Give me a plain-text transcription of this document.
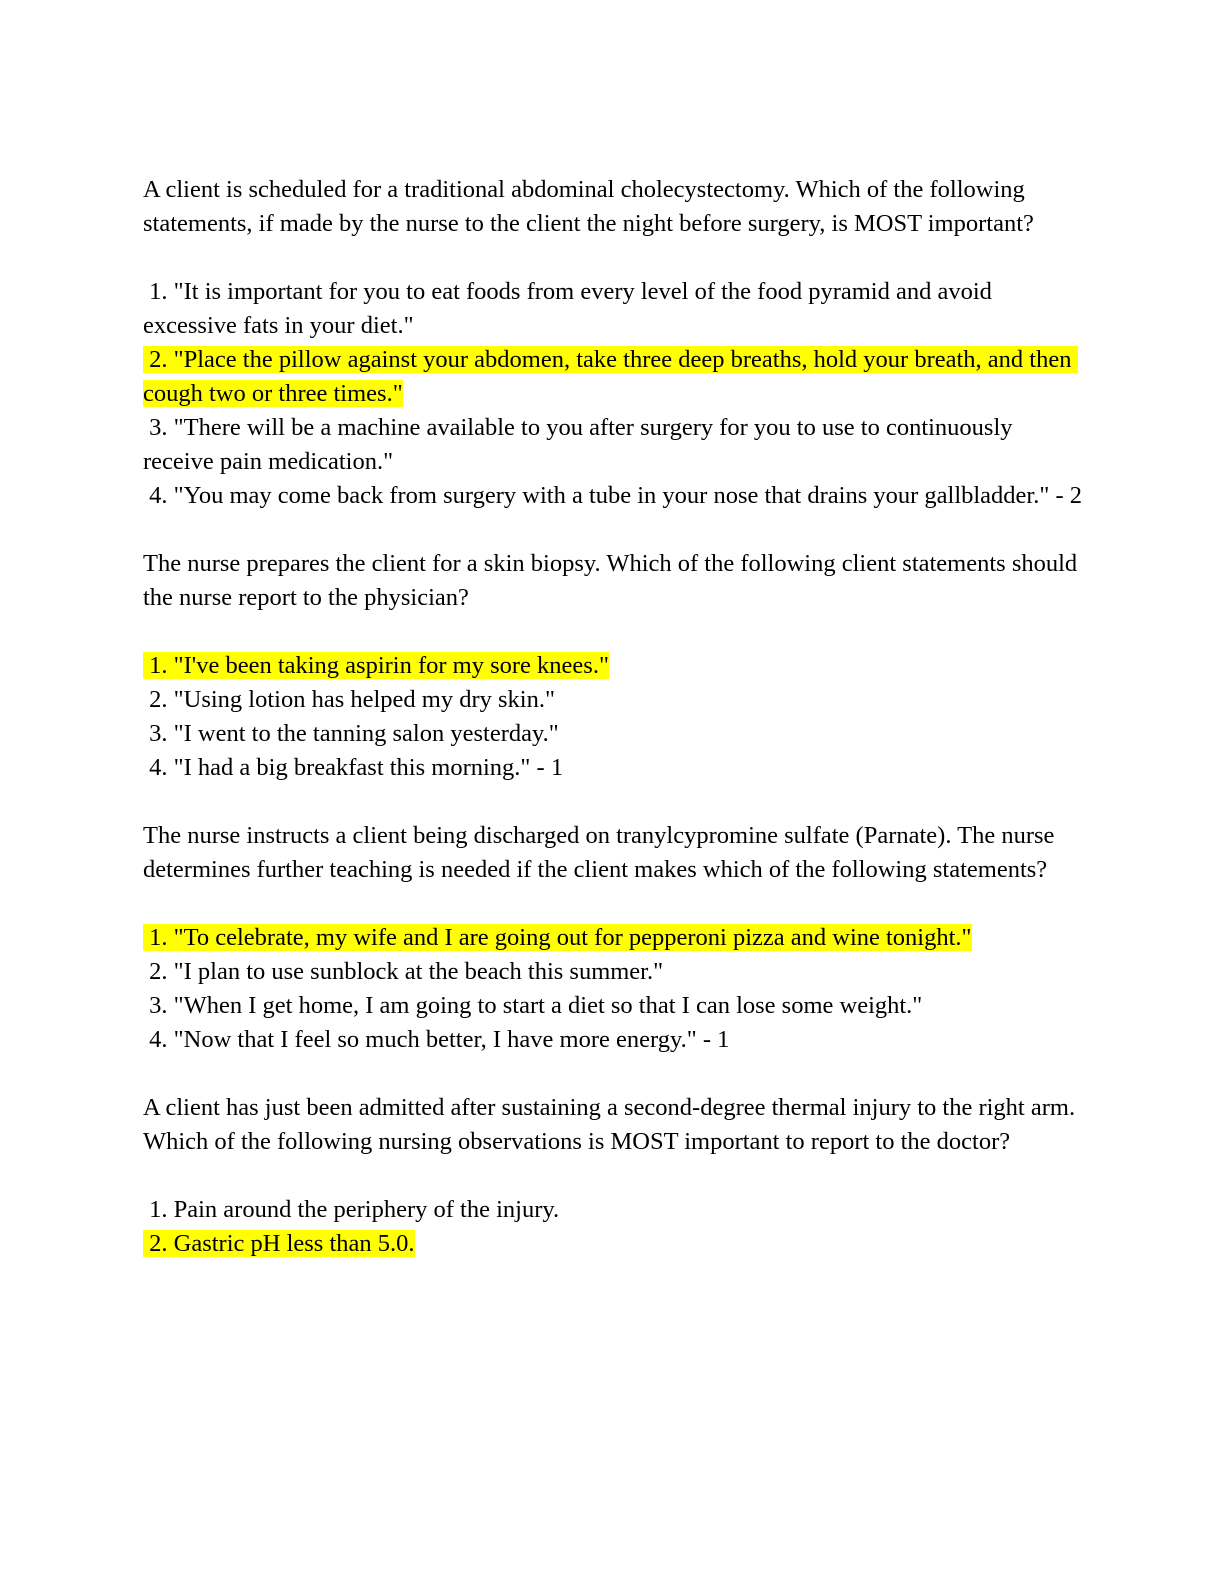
A client is scheduled for a traditional abdominal cholecystectomy. Which of the following statements, if made by the nurse to the client the night before surgery, is MOST important?

1. "It is important for you to eat foods from every level of the food pyramid and avoid excessive fats in your diet."

2. "Place the pillow against your abdomen, take three deep breaths, hold your breath, and then cough two or three times."

3. "There will be a machine available to you after surgery for you to use to continuously receive pain medication."

4. "You may come back from surgery with a tube in your nose that drains your gallbladder." - 2

The nurse prepares the client for a skin biopsy. Which of the following client statements should the nurse report to the physician?

1. "I've been taking aspirin for my sore knees."

2. "Using lotion has helped my dry skin."

3. "I went to the tanning salon yesterday."

4. "I had a big breakfast this morning." - 1

The nurse instructs a client being discharged on tranylcypromine sulfate (Parnate). The nurse determines further teaching is needed if the client makes which of the following statements?

1. "To celebrate, my wife and I are going out for pepperoni pizza and wine tonight."

2. "I plan to use sunblock at the beach this summer."

3. "When I get home, I am going to start a diet so that I can lose some weight."

4. "Now that I feel so much better, I have more energy." - 1

A client has just been admitted after sustaining a second-degree thermal injury to the right arm. Which of the following nursing observations is MOST important to report to the doctor?

1. Pain around the periphery of the injury.

2. Gastric pH less than 5.0.
